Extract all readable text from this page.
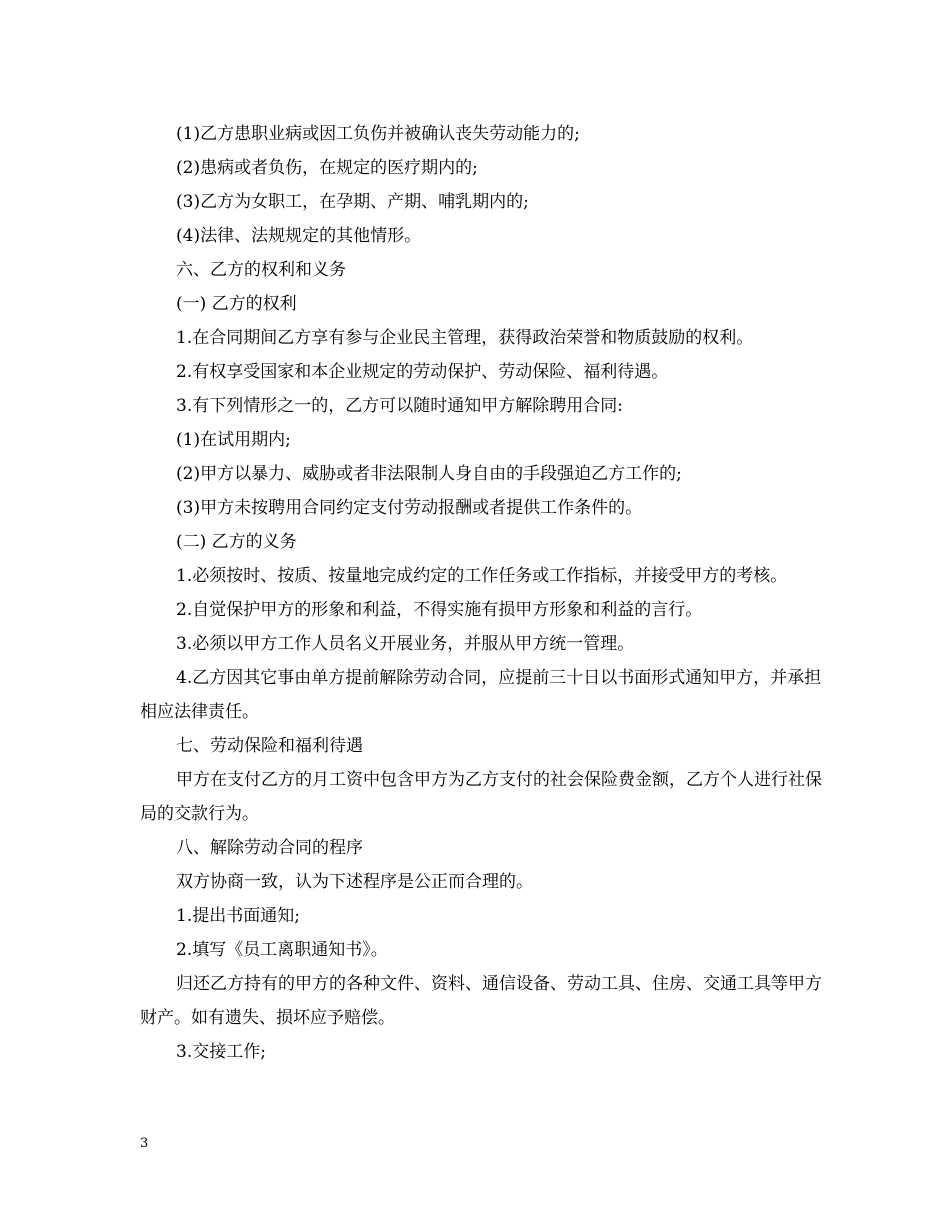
(1)乙方患职业病或因工负伤并被确认丧失劳动能力的;

(2)患病或者负伤，在规定的医疗期内的;

(3)乙方为女职工，在孕期、产期、哺乳期内的;

(4)法律、法规规定的其他情形。

六、乙方的权利和义务

(一) 乙方的权利

1.在合同期间乙方享有参与企业民主管理，获得政治荣誉和物质鼓励的权利。

2.有权享受国家和本企业规定的劳动保护、劳动保险、福利待遇。

3.有下列情形之一的，乙方可以随时通知甲方解除聘用合同:

(1)在试用期内;

(2)甲方以暴力、威胁或者非法限制人身自由的手段强迫乙方工作的;

(3)甲方未按聘用合同约定支付劳动报酬或者提供工作条件的。

(二) 乙方的义务

1.必须按时、按质、按量地完成约定的工作任务或工作指标，并接受甲方的考核。

2.自觉保护甲方的形象和利益，不得实施有损甲方形象和利益的言行。

3.必须以甲方工作人员名义开展业务，并服从甲方统一管理。

4.乙方因其它事由单方提前解除劳动合同，应提前三十日以书面形式通知甲方，并承担相应法律责任。

七、劳动保险和福利待遇

甲方在支付乙方的月工资中包含甲方为乙方支付的社会保险费金额，乙方个人进行社保局的交款行为。

八、解除劳动合同的程序

双方协商一致，认为下述程序是公正而合理的。

1.提出书面通知;

2.填写《员工离职通知书》。

归还乙方持有的甲方的各种文件、资料、通信设备、劳动工具、住房、交通工具等甲方财产。如有遗失、损坏应予赔偿。

3.交接工作;

3
